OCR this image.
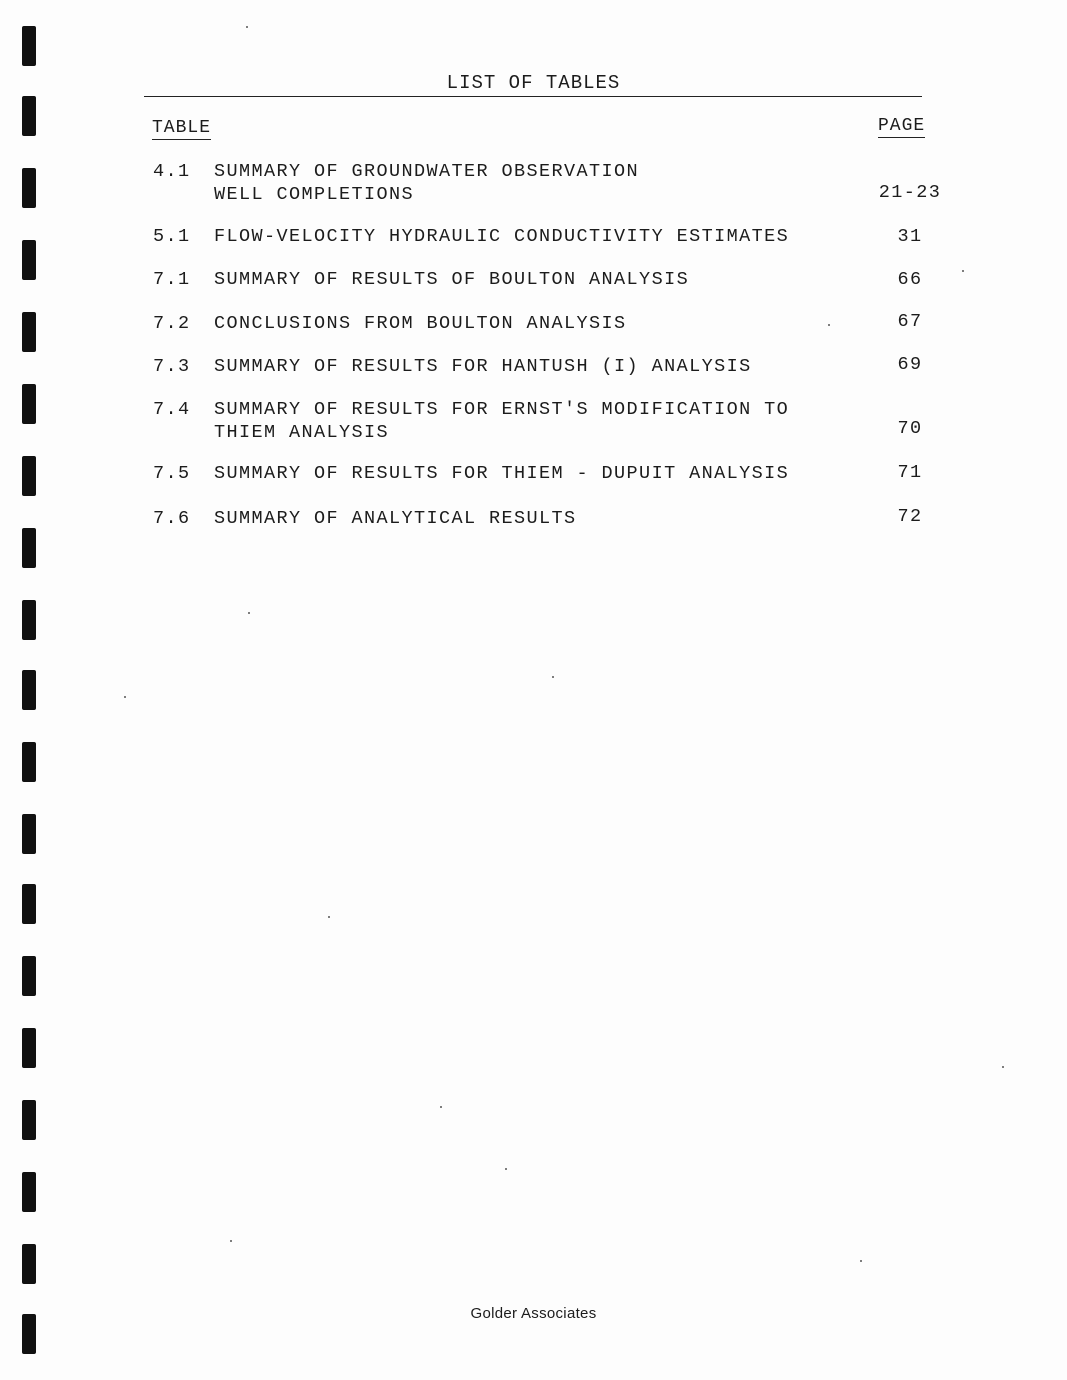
LIST OF TABLES
TABLE	PAGE
4.1 SUMMARY OF GROUNDWATER OBSERVATION
WELL COMPLETIONS	21-23
5.1 FLOW-VELOCITY HYDRAULIC CONDUCTIVITY ESTIMATES	31
7.1 SUMMARY OF RESULTS OF BOULTON ANALYSIS	66
7.2 CONCLUSIONS FROM BOULTON ANALYSIS	67
7.3 SUMMARY OF RESULTS FOR HANTUSH (I) ANALYSIS	69
7.4 SUMMARY OF RESULTS FOR ERNST'S MODIFICATION TO
THIEM ANALYSIS	70
7.5 SUMMARY OF RESULTS FOR THIEM - DUPUIT ANALYSIS	71
7.6 SUMMARY OF ANALYTICAL RESULTS	72
Golder Associates
